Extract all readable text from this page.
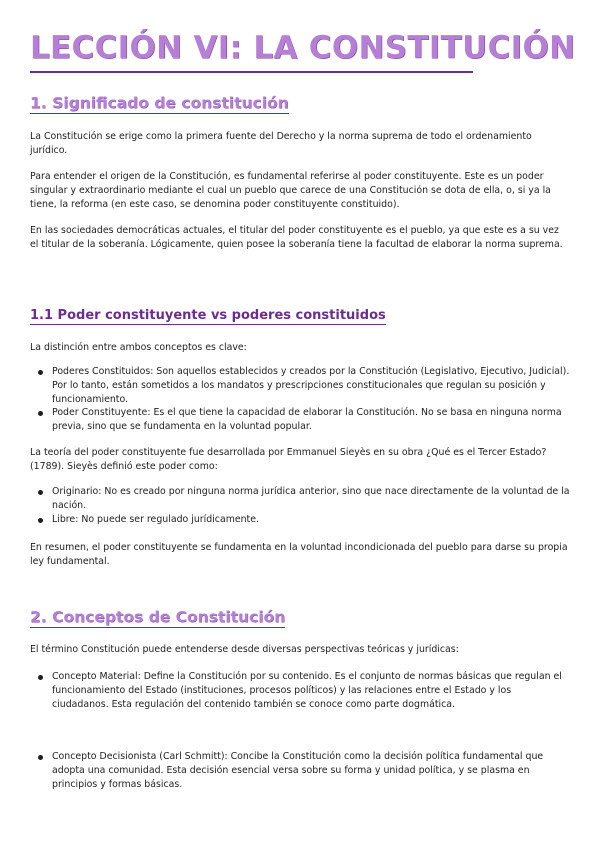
LECCIÓN VI: LA CONSTITUCIÓN
1. Significado de constitución

La Constitución se erige como la primera fuente del Derecho y la norma suprema de todo el ordenamiento jurídico.

Para entender el origen de la Constitución, es fundamental referirse al poder constituyente. Este es un poder singular y extraordinario mediante el cual un pueblo que carece de una Constitución se dota de ella, o, si ya la tiene, la reforma (en este caso, se denomina poder constituyente constituido).

En las sociedades democráticas actuales, el titular del poder constituyente es el pueblo, ya que este es a su vez el titular de la soberanía. Lógicamente, quien posee la soberanía tiene la facultad de elaborar la norma suprema.

1.1 Poder constituyente vs poderes constituidos

La distinción entre ambos conceptos es clave:

Poderes Constituidos: Son aquellos establecidos y creados por la Constitución (Legislativo, Ejecutivo, Judicial). Por lo tanto, están sometidos a los mandatos y prescripciones constitucionales que regulan su posición y funcionamiento.
Poder Constituyente: Es el que tiene la capacidad de elaborar la Constitución. No se basa en ninguna norma previa, sino que se fundamenta en la voluntad popular.

La teoría del poder constituyente fue desarrollada por Emmanuel Sieyès en su obra ¿Qué es el Tercer Estado? (1789). Sieyès definió este poder como:

Originario: No es creado por ninguna norma jurídica anterior, sino que nace directamente de la voluntad de la nación.
Libre: No puede ser regulado jurídicamente.

En resumen, el poder constituyente se fundamenta en la voluntad incondicionada del pueblo para darse su propia ley fundamental.

2. Conceptos de Constitución

El término Constitución puede entenderse desde diversas perspectivas teóricas y jurídicas:

Concepto Material: Define la Constitución por su contenido. Es el conjunto de normas básicas que regulan el funcionamiento del Estado (instituciones, procesos políticos) y las relaciones entre el Estado y los ciudadanos. Esta regulación del contenido también se conoce como parte dogmática.
Concepto Decisionista (Carl Schmitt): Concibe la Constitución como la decisión política fundamental que adopta una comunidad. Esta decisión esencial versa sobre su forma y unidad política, y se plasma en principios y formas básicas.
